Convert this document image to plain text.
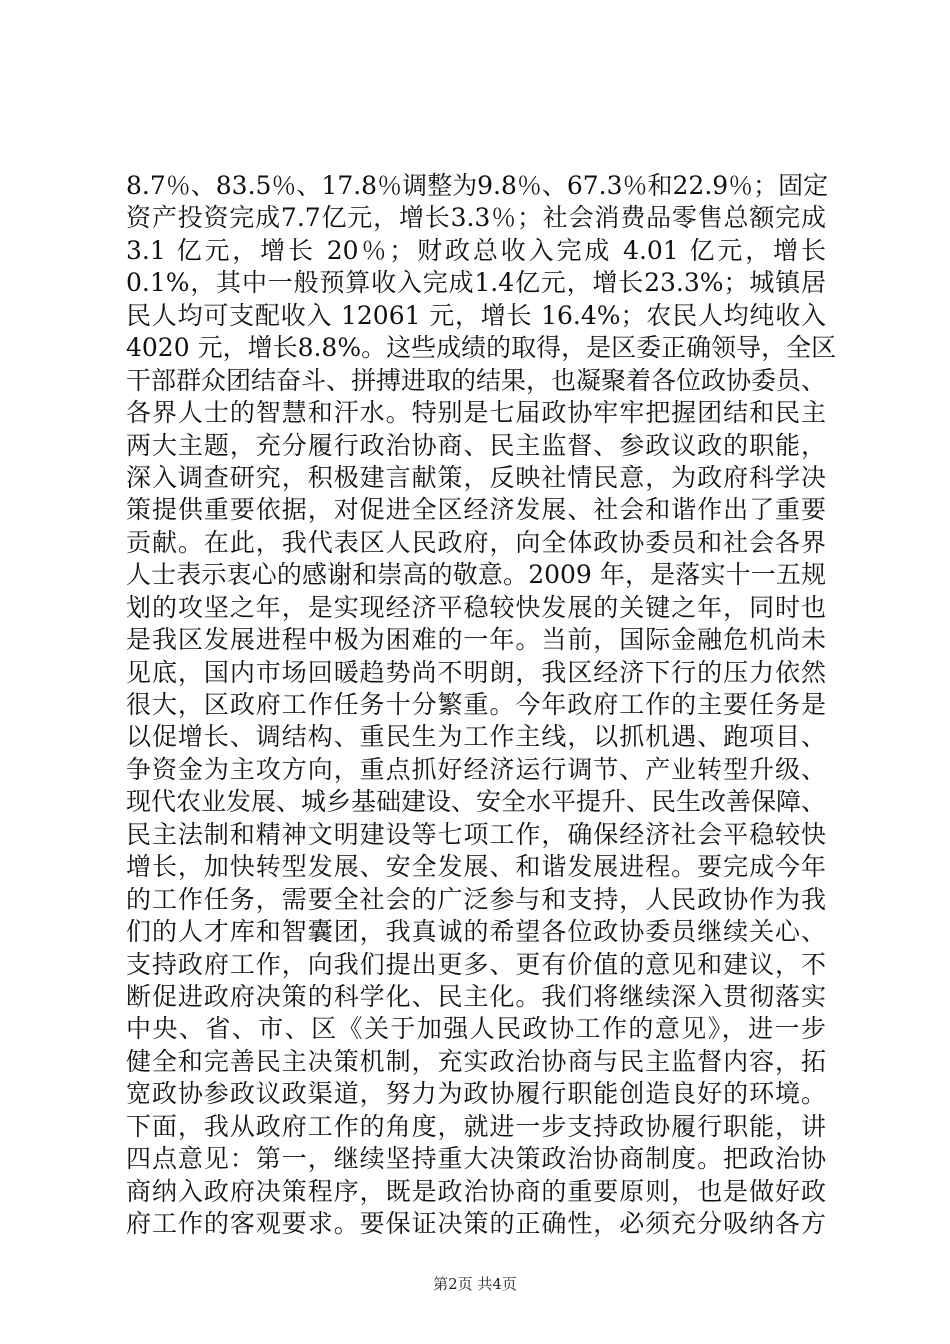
8.7％、83.5％、17.8％调整为9.8％、67.3％和22.9％；固定
资产投资完成7.7亿元，增长3.3％；社会消费品零售总额完成
3.1 亿元，增长 20％；财政总收入完成 4.01 亿元，增长
0.1%，其中一般预算收入完成1.4亿元，增长23.3%；城镇居
民人均可支配收入 12061 元，增长 16.4%；农民人均纯收入
4020 元，增长8.8%。这些成绩的取得，是区委正确领导，全区
干部群众团结奋斗、拼搏进取的结果，也凝聚着各位政协委员、
各界人士的智慧和汗水。特别是七届政协牢牢把握团结和民主
两大主题，充分履行政治协商、民主监督、参政议政的职能，
深入调查研究，积极建言献策，反映社情民意，为政府科学决
策提供重要依据，对促进全区经济发展、社会和谐作出了重要
贡献。在此，我代表区人民政府，向全体政协委员和社会各界
人士表示衷心的感谢和崇高的敬意。2009 年，是落实十一五规
划的攻坚之年，是实现经济平稳较快发展的关键之年，同时也
是我区发展进程中极为困难的一年。当前，国际金融危机尚未
见底，国内市场回暖趋势尚不明朗，我区经济下行的压力依然
很大，区政府工作任务十分繁重。今年政府工作的主要任务是
以促增长、调结构、重民生为工作主线，以抓机遇、跑项目、
争资金为主攻方向，重点抓好经济运行调节、产业转型升级、
现代农业发展、城乡基础建设、安全水平提升、民生改善保障、
民主法制和精神文明建设等七项工作，确保经济社会平稳较快
增长，加快转型发展、安全发展、和谐发展进程。要完成今年
的工作任务，需要全社会的广泛参与和支持，人民政协作为我
们的人才库和智囊团，我真诚的希望各位政协委员继续关心、
支持政府工作，向我们提出更多、更有价值的意见和建议，不
断促进政府决策的科学化、民主化。我们将继续深入贯彻落实
中央、省、市、区《关于加强人民政协工作的意见》，进一步
健全和完善民主决策机制，充实政治协商与民主监督内容，拓
宽政协参政议政渠道，努力为政协履行职能创造良好的环境。
下面，我从政府工作的角度，就进一步支持政协履行职能，讲
四点意见：第一，继续坚持重大决策政治协商制度。把政治协
商纳入政府决策程序，既是政治协商的重要原则，也是做好政
府工作的客观要求。要保证决策的正确性，必须充分吸纳各方
第2页 共4页
